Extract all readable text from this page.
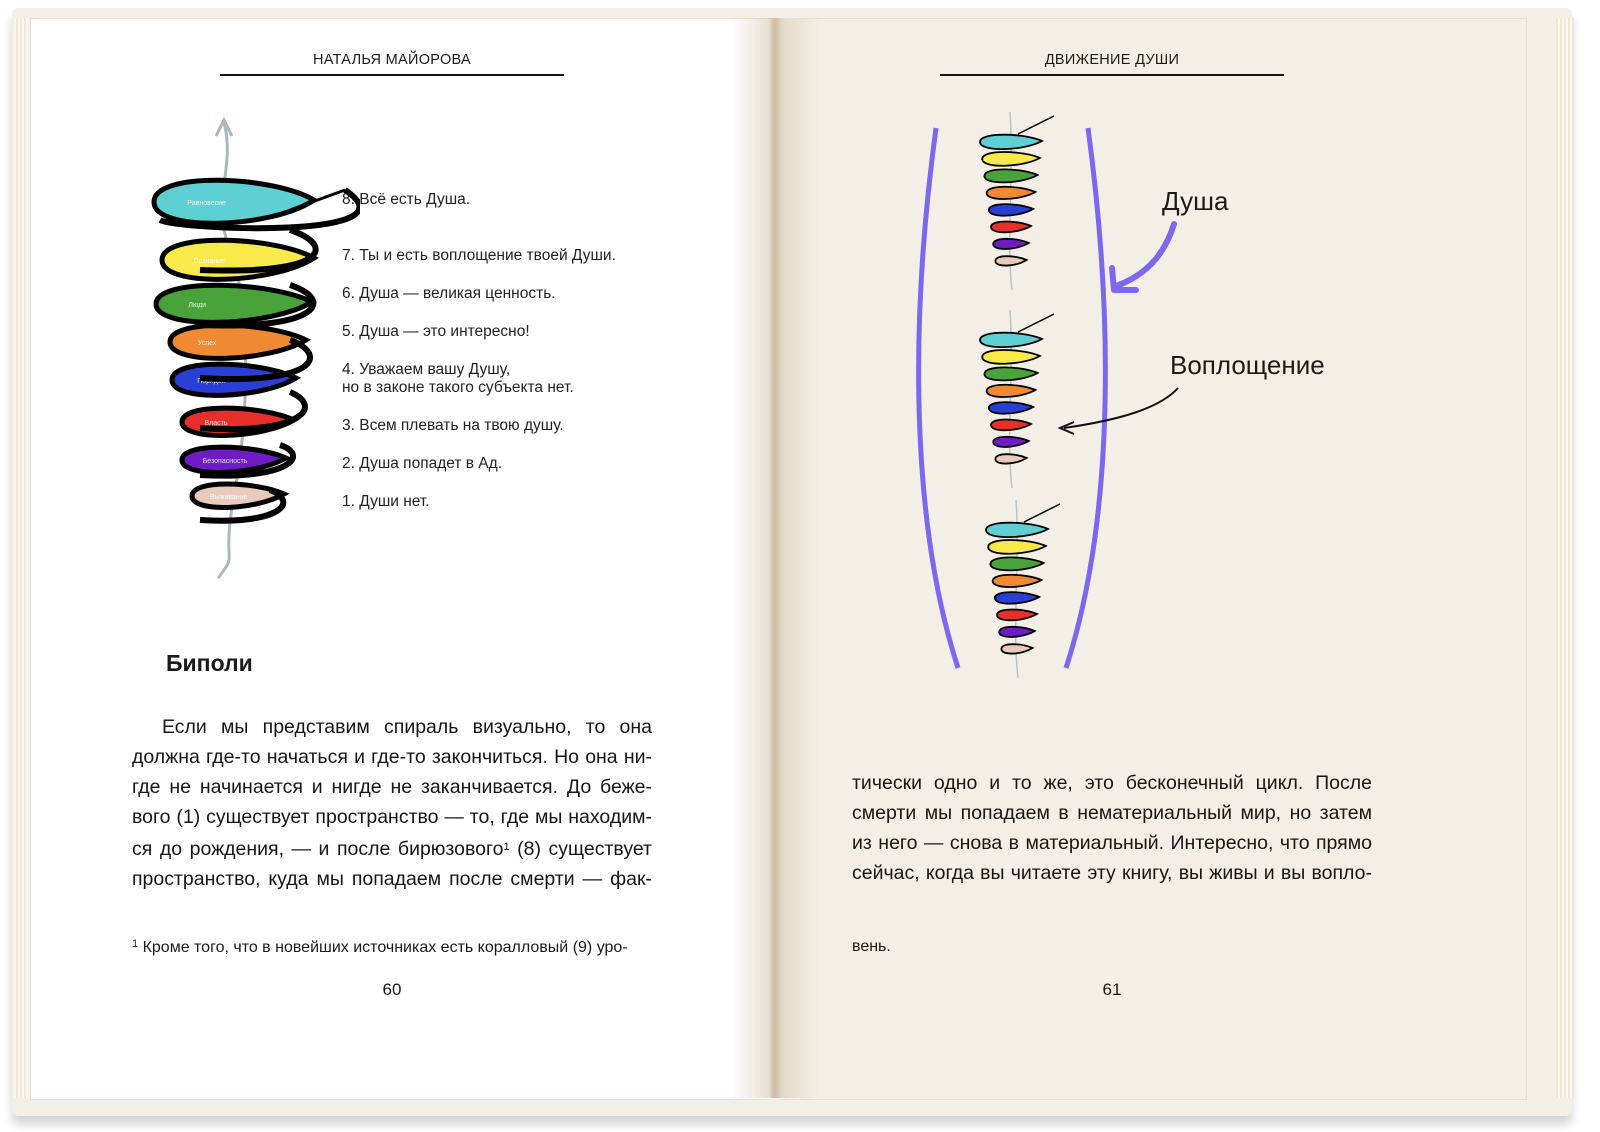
НАТАЛЬЯ МАЙОРОВА
Равновесие
Познание
Люди
Успех
Порядок
Власть
Безопасность
Выживание
8. Всё есть Душа.
7. Ты и есть воплощение твоей Души.
6. Душа — великая ценность.
5. Душа — это интересно!
4. Уважаем вашу Душу,
но в законе такого субъекта нет.
3. Всем плевать на твою душу.
2. Душа попадет в Ад.
1. Души нет.
Биполи
Если мы представим спираль визуально, то она
должна где-то начаться и где-то закончиться. Но она ни-
где не начинается и нигде не заканчивается. До беже-
вого (1) существует пространство — то, где мы находим-
ся до рождения, — и после бирюзового$^1$ (8) существует
пространство, куда мы попадаем после смерти — фак-
$^1$ Кроме того, что в новейших источниках есть коралловый (9) уро-
60
ДВИЖЕНИЕ ДУШИ
Душа
Воплощение
тически одно и то же, это бесконечный цикл. После
смерти мы попадаем в нематериальный мир, но затем
из него — снова в материальный. Интересно, что прямо
сейчас, когда вы читаете эту книгу, вы живы и вы вопло-
вень.
61
